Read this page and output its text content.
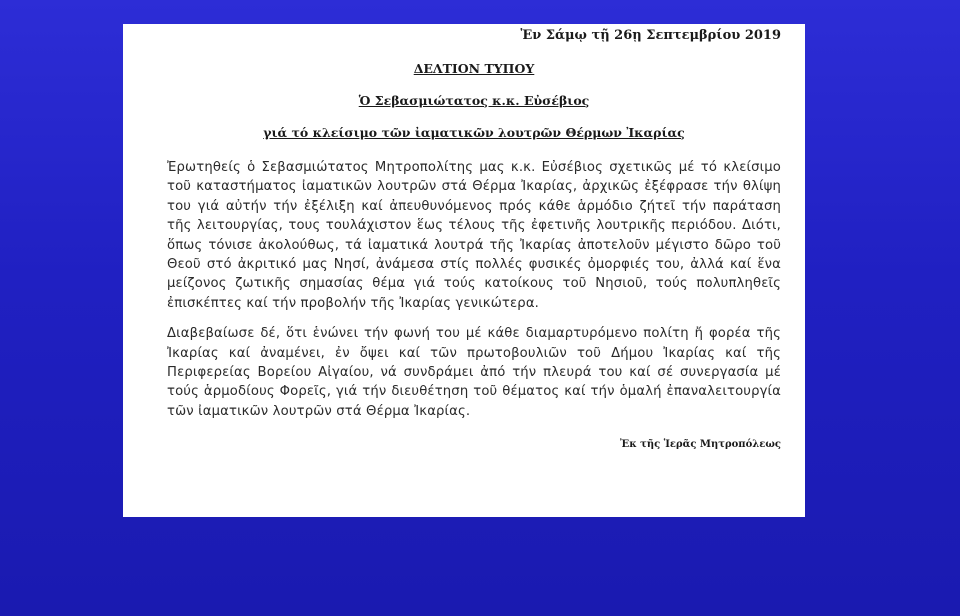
Ἐν Σάμῳ τῇ 26ῃ Σεπτεμβρίου 2019

ΔΕΛΤΙΟΝ ΤΥΠΟΥ

Ὁ Σεβασμιώτατος κ.κ. Εὐσέβιος

γιά τό κλείσιμο τῶν ἰαματικῶν λουτρῶν Θέρμων Ἰκαρίας

Ἐρωτηθείς ὁ Σεβασμιώτατος Μητροπολίτης μας κ.κ. Εὐσέβιος σχετικῶς μέ τό κλείσιμο τοῦ καταστήματος ἰαματικῶν λουτρῶν στά Θέρμα Ἰκαρίας, ἀρχικῶς ἐξέφρασε τήν θλίψη του γιά αὐτήν τήν ἐξέλιξη καί ἀπευθυνόμενος πρός κάθε ἁρμόδιο ζήτεῖ τήν παράταση τῆς λειτουργίας, τους τουλάχιστον ἕως τέλους τῆς ἐφετινῆς λουτρικῆς περιόδου. Διότι, ὅπως τόνισε ἀκολούθως, τά ἰαματικά λουτρά τῆς Ἰκαρίας ἀποτελοῦν μέγιστο δῶρο τοῦ Θεοῦ στό ἀκριτικό μας Νησί, ἀνάμεσα στίς πολλές φυσικές ὀμορφιές του, ἀλλά καί ἕνα μείζονος ζωτικῆς σημασίας θέμα γιά τούς κατοίκους τοῦ Νησιοῦ, τούς πολυπληθεῖς ἐπισκέπτες καί τήν προβολήν τῆς Ἰκαρίας γενικώτερα.

Διαβεβαίωσε δέ, ὅτι ἑνώνει τήν φωνή του μέ κάθε διαμαρτυρόμενο πολίτη ἤ φορέα τῆς Ἰκαρίας καί ἀναμένει, ἐν ὄψει καί τῶν πρωτοβουλιῶν τοῦ Δήμου Ἰκαρίας καί τῆς Περιφερείας Βορείου Αἰγαίου, νά συνδράμει ἀπό τήν πλευρά του καί σέ συνεργασία μέ τούς ἁρμοδίους Φορεῖς, γιά τήν διευθέτηση τοῦ θέματος καί τήν ὁμαλή ἐπαναλειτουργία τῶν ἰαματικῶν λουτρῶν στά Θέρμα Ἰκαρίας.

Ἐκ τῆς Ἱερᾶς Μητροπόλεως
